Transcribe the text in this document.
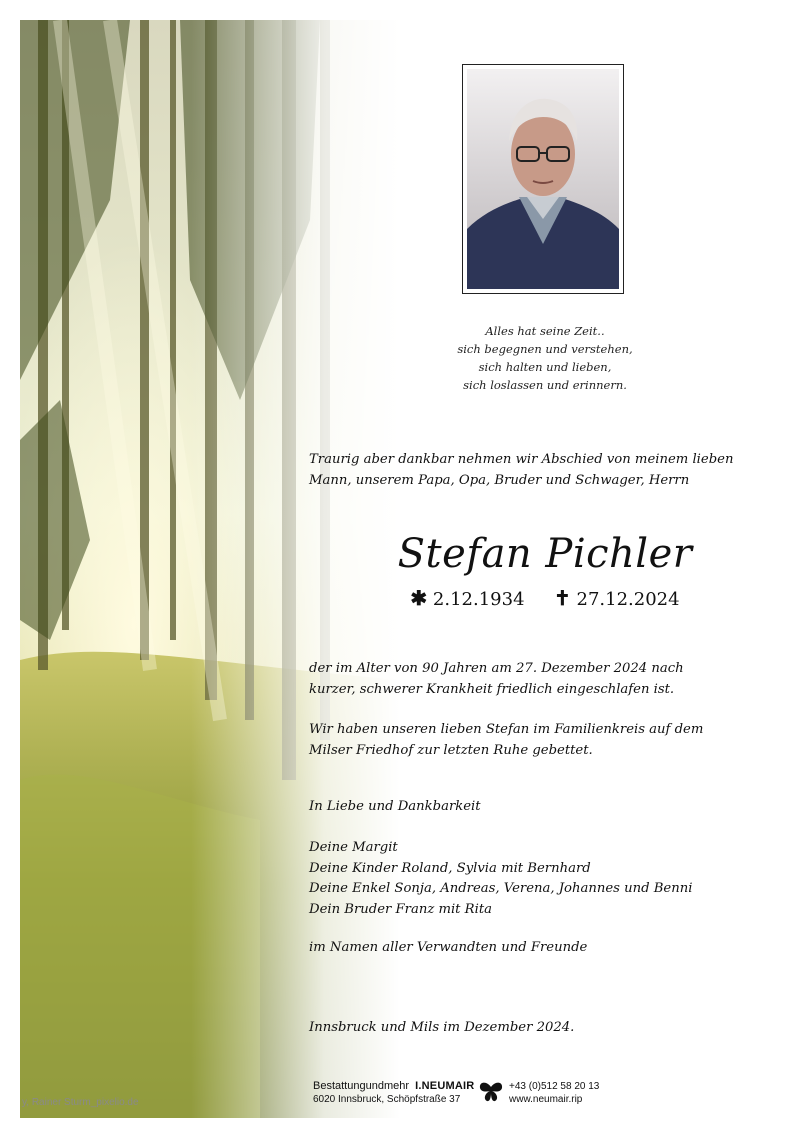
y, Rainer Sturm_pixelio.de
Alles hat seine Zeit..
sich begegnen und verstehen,
sich halten und lieben,
sich loslassen und erinnern.
Traurig aber dankbar nehmen wir Abschied von meinem lieben
Mann, unserem Papa, Opa, Bruder und Schwager, Herrn
Stefan Pichler
✱ 2.12.1934 ✝ 27.12.2024
der im Alter von 90 Jahren am 27. Dezember 2024 nach
kurzer, schwerer Krankheit friedlich eingeschlafen ist.
Wir haben unseren lieben Stefan im Familienkreis auf dem
Milser Friedhof zur letzten Ruhe gebettet.
In Liebe und Dankbarkeit
Deine Margit
Deine Kinder Roland, Sylvia mit Bernhard
Deine Enkel Sonja, Andreas, Verena, Johannes und Benni
Dein Bruder Franz mit Rita
im Namen aller Verwandten und Freunde
Innsbruck und Mils im Dezember 2024.
Bestattungundmehr I.NEUMAIR
6020 Innsbruck, Schöpfstraße 37
+43 (0)512 58 20 13
www.neumair.rip
